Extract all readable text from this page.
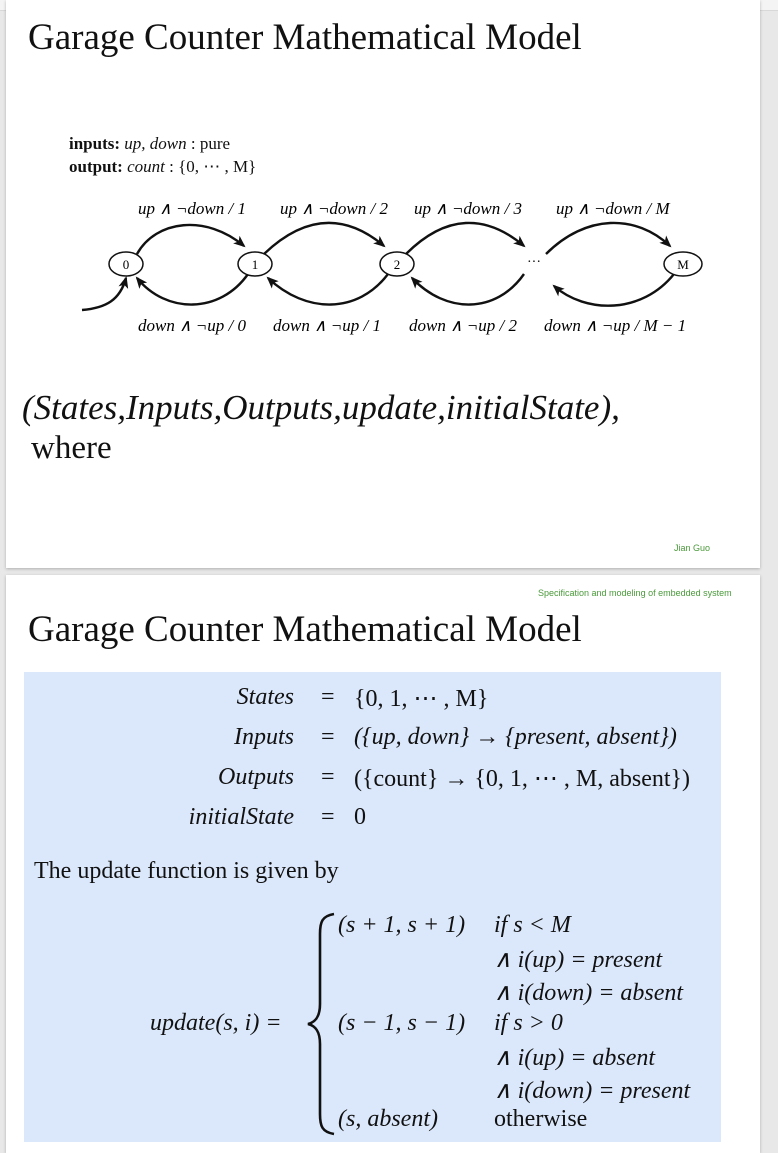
Garage Counter Mathematical Model
inputs: up, down : pure
output: count : {0, ⋯ , M}
up ∧ ¬down / 1 up ∧ ¬down / 2 up ∧ ¬down / 3 up ∧ ¬down / M
0	1	2	···	M
down ∧ ¬up / 0 down ∧ ¬up / 1 down ∧ ¬up / 2 down ∧ ¬up / M − 1
(States,Inputs,Outputs,update,initialState),
where
Jian Guo
Specification and modeling of embedded system
Garage Counter Mathematical Model
States = {0, 1, ⋯ , M}
Inputs = ({up, down} → {present, absent})
Outputs = ({count} → {0, 1, ⋯ , M, absent})
initialState = 0
The update function is given by
update(s, i) =
(s + 1, s + 1) if s < M
∧ i(up) = present
∧ i(down) = absent
(s − 1, s − 1) if s > 0
∧ i(up) = absent
∧ i(down) = present
(s, absent) otherwise
